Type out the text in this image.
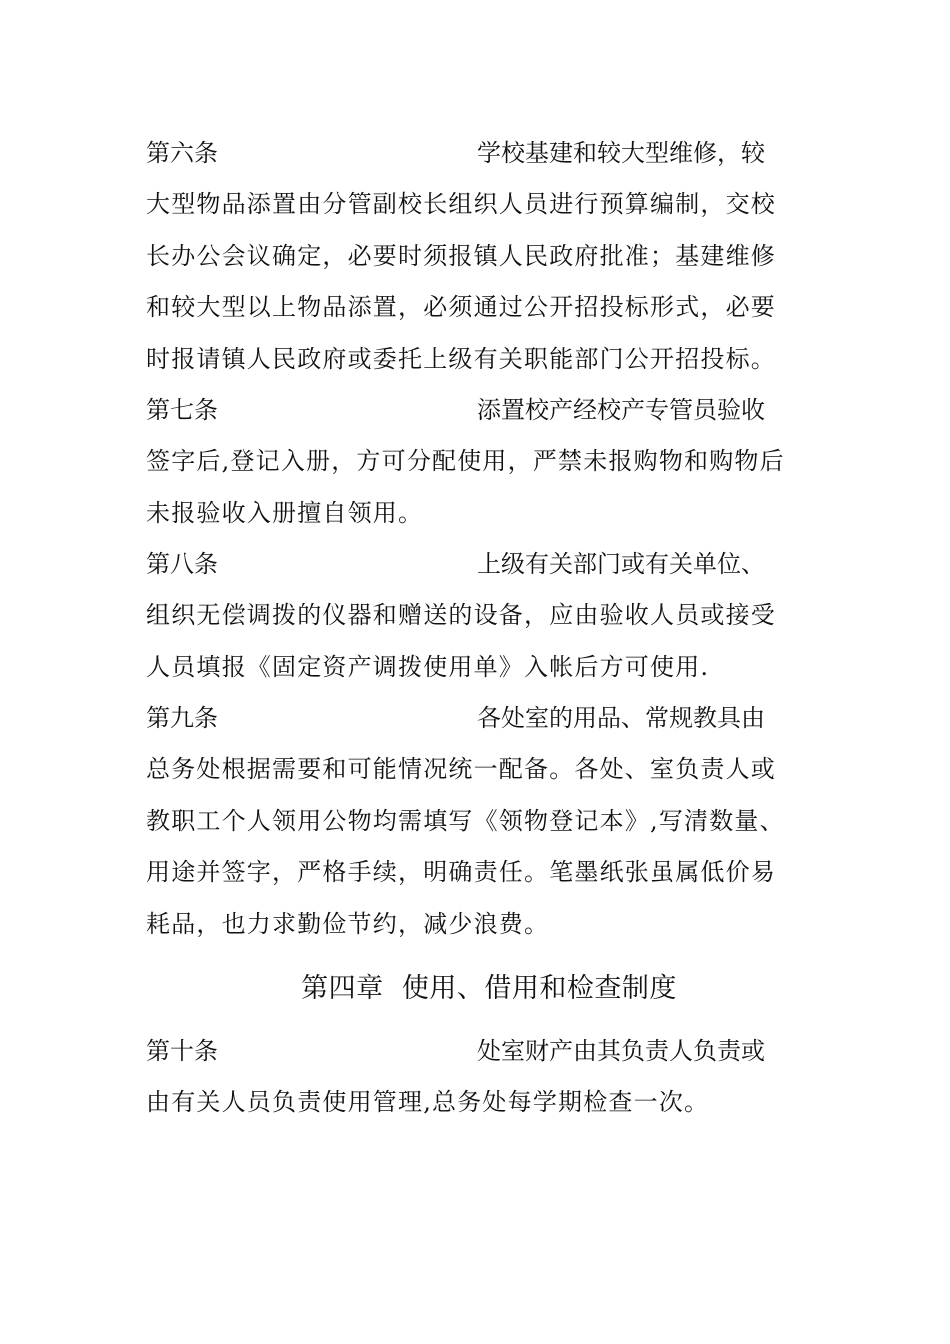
第六条	学校基建和较大型维修，较
大型物品添置由分管副校长组织人员进行预算编制，交校
长办公会议确定，必要时须报镇人民政府批准；基建维修
和较大型以上物品添置，必须通过公开招投标形式，必要
时报请镇人民政府或委托上级有关职能部门公开招投标。
第七条	添置校产经校产专管员验收
签字后,登记入册，方可分配使用，严禁未报购物和购物后
未报验收入册擅自领用。
第八条	上级有关部门或有关单位、
组织无偿调拨的仪器和赠送的设备，应由验收人员或接受
人员填报《固定资产调拨使用单》入帐后方可使用.
第九条	各处室的用品、常规教具由
总务处根据需要和可能情况统一配备。各处、室负责人或
教职工个人领用公物均需填写《领物登记本》,写清数量、
用途并签字，严格手续，明确责任。笔墨纸张虽属低价易
耗品，也力求勤俭节约，减少浪费。
第四章  使用、借用和检查制度
第十条	处室财产由其负责人负责或
由有关人员负责使用管理,总务处每学期检查一次。
